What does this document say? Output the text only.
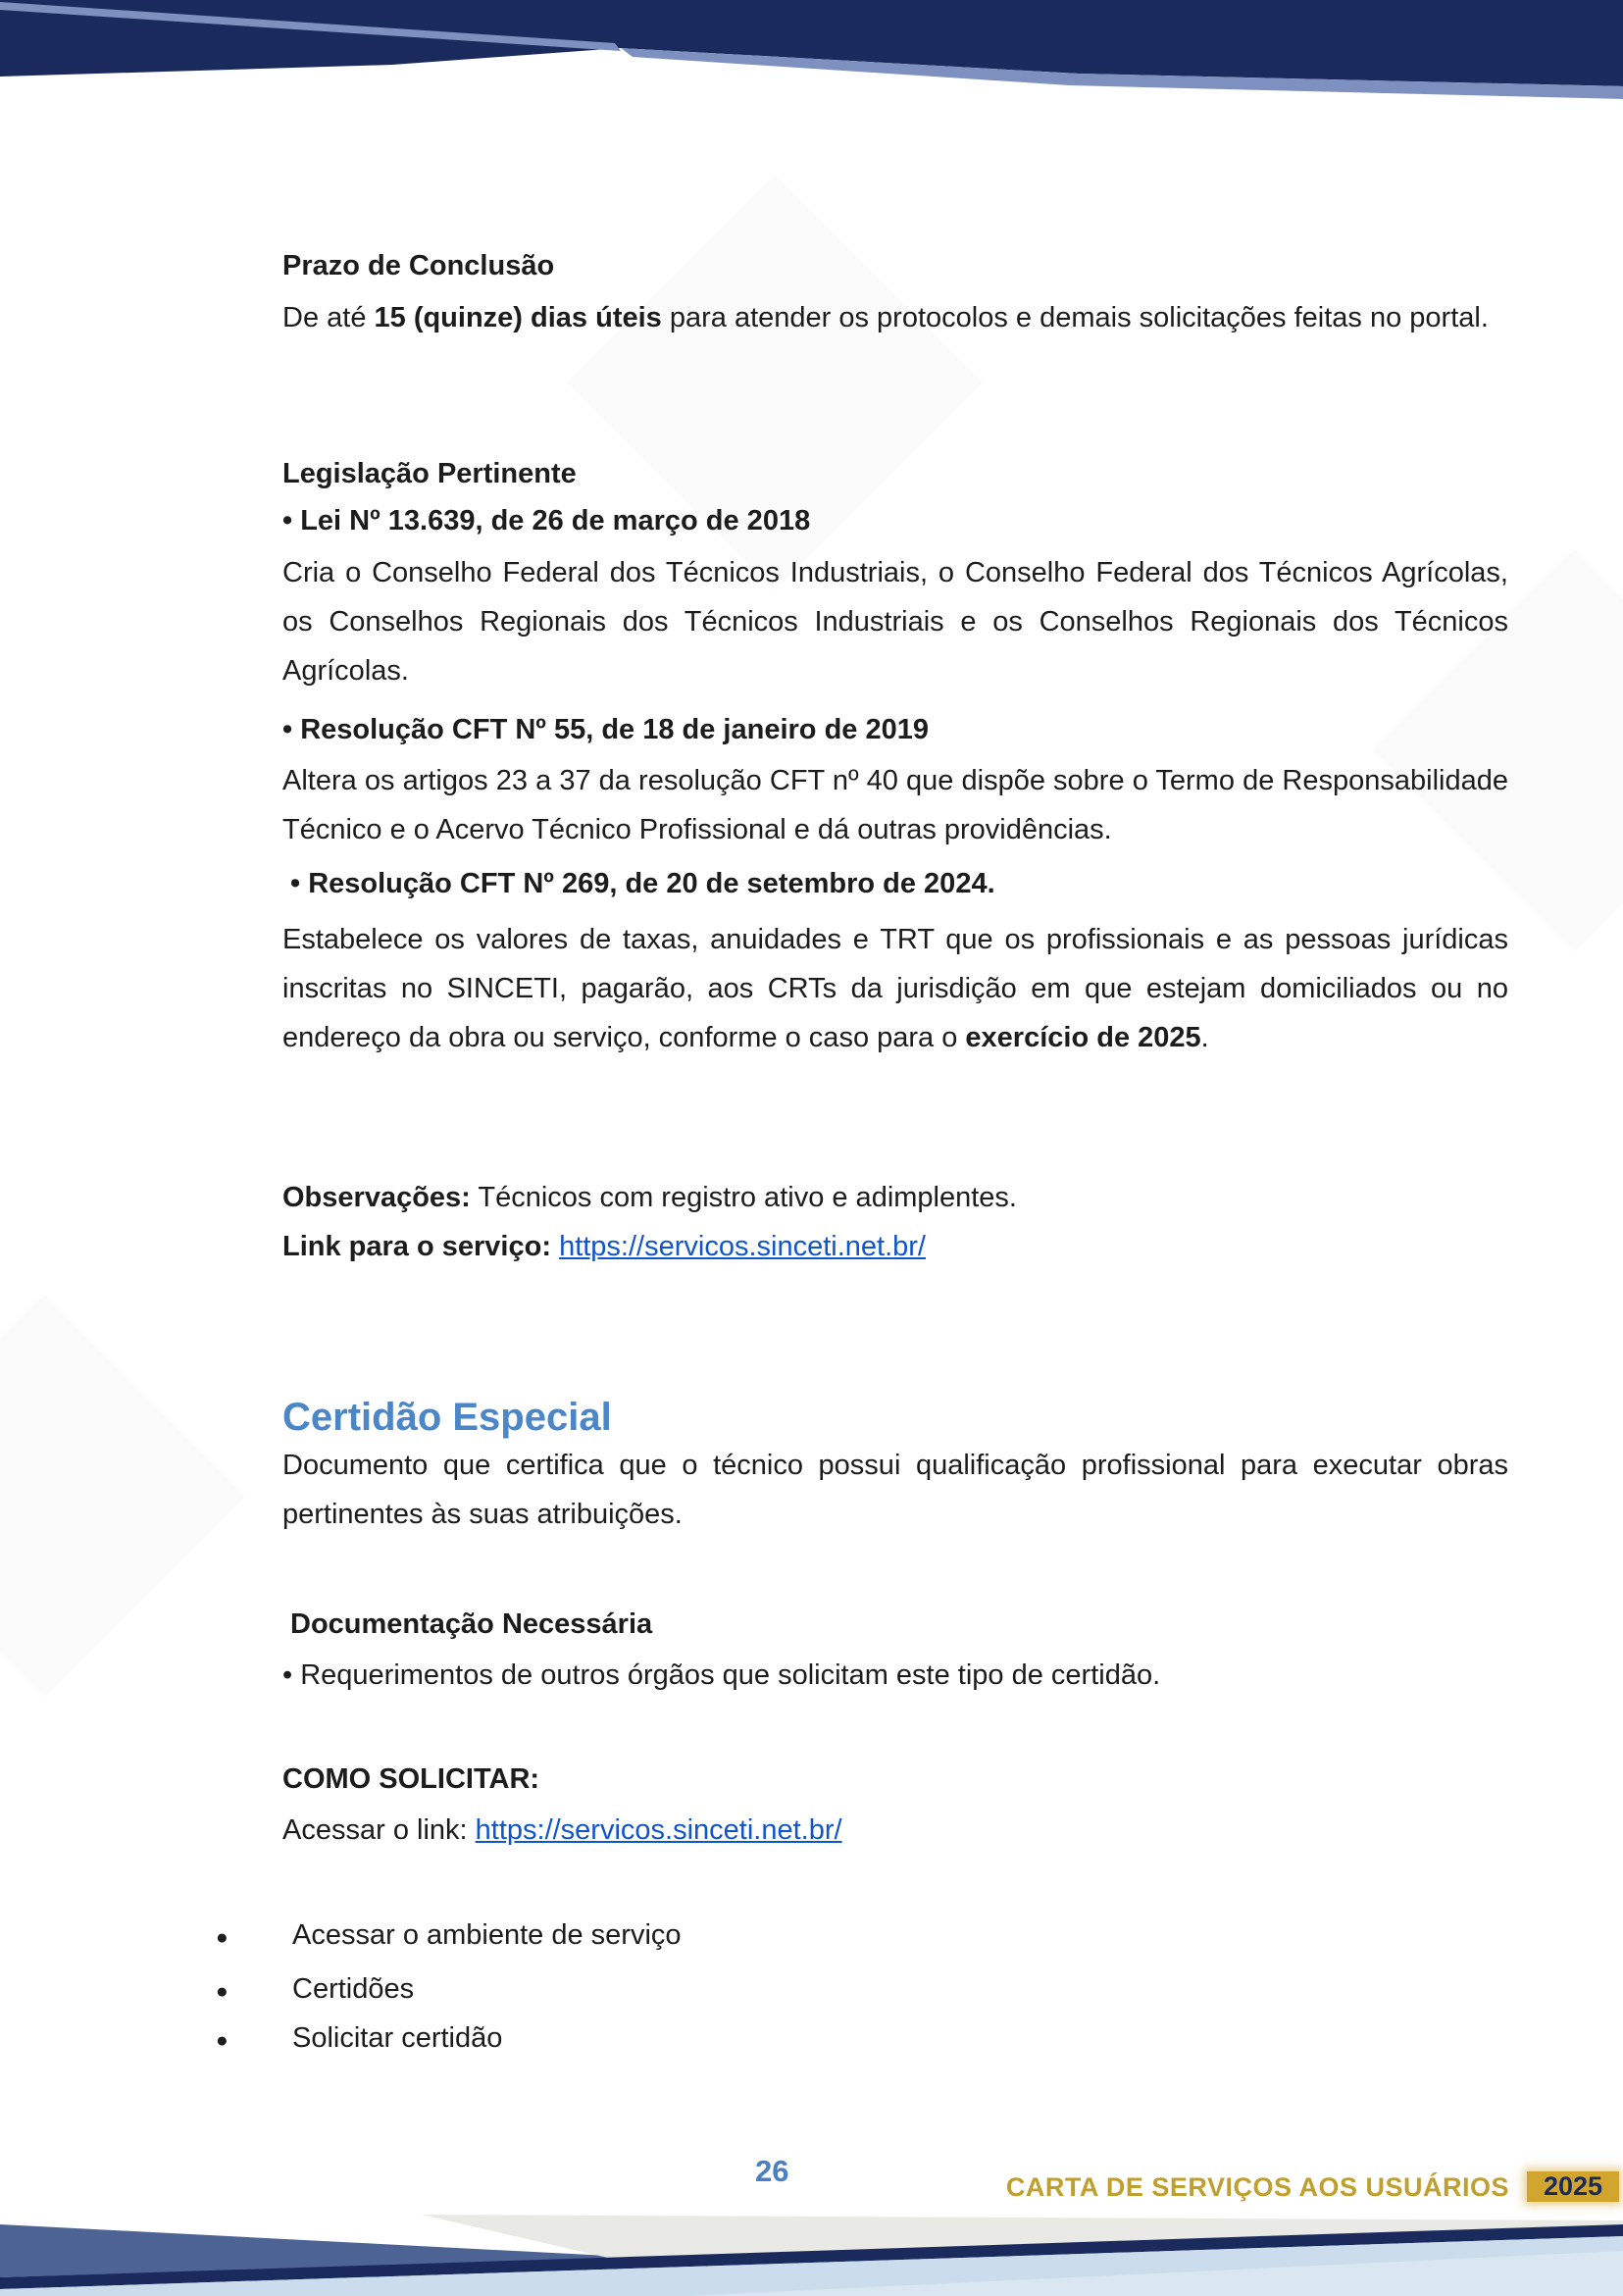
Prazo de Conclusão
De até 15 (quinze) dias úteis para atender os protocolos e demais solicitações feitas no portal.
Legislação Pertinente
• Lei Nº 13.639, de 26 de março de 2018
Cria o Conselho Federal dos Técnicos Industriais, o Conselho Federal dos Técnicos Agrícolas, os Conselhos Regionais dos Técnicos Industriais e os Conselhos Regionais dos Técnicos Agrícolas.
• Resolução CFT Nº 55, de 18 de janeiro de 2019
Altera os artigos 23 a 37 da resolução CFT nº 40 que dispõe sobre o Termo de Responsabilidade Técnico e o Acervo Técnico Profissional e dá outras providências.
• Resolução CFT Nº 269, de 20 de setembro de 2024.
Estabelece os valores de taxas, anuidades e TRT que os profissionais e as pessoas jurídicas inscritas no SINCETI, pagarão, aos CRTs da jurisdição em que estejam domiciliados ou no endereço da obra ou serviço, conforme o caso para o exercício de 2025.
Observações: Técnicos com registro ativo e adimplentes.
Link para o serviço: https://servicos.sinceti.net.br/
Certidão Especial
Documento que certifica que o técnico possui qualificação profissional para executar obras pertinentes às suas atribuições.
Documentação Necessária
• Requerimentos de outros órgãos que solicitam este tipo de certidão.
COMO SOLICITAR:
Acessar o link: https://servicos.sinceti.net.br/
●	Acessar o ambiente de serviço
●	Certidões
●	Solicitar certidão
26	CARTA DE SERVIÇOS AOS USUÁRIOS	2025
